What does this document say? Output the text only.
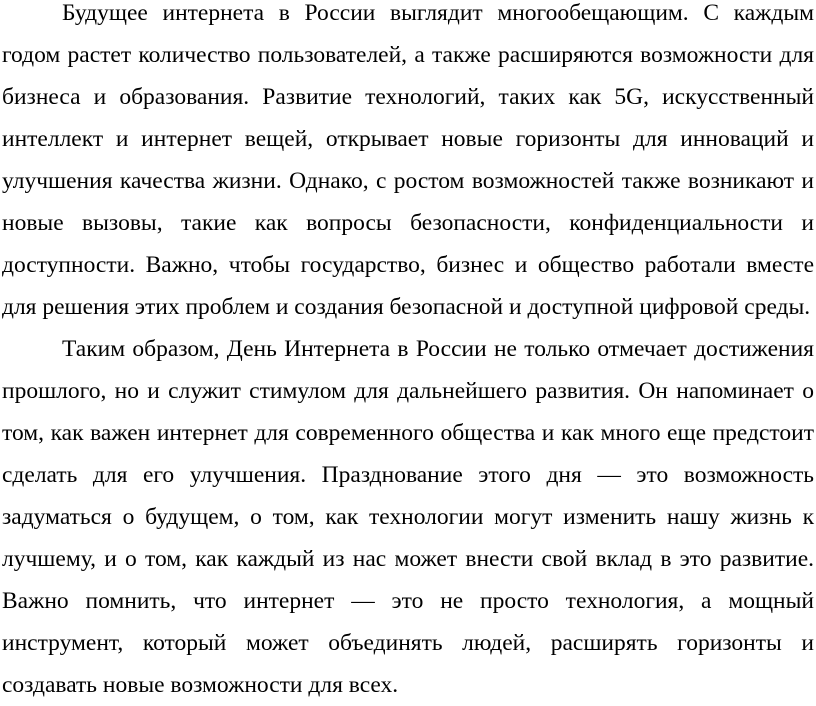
Будущее интернета в России выглядит многообещающим. С каждым годом растет количество пользователей, а также расширяются возможности для бизнеса и образования. Развитие технологий, таких как 5G, искусственный интеллект и интернет вещей, открывает новые горизонты для инноваций и улучшения качества жизни. Однако, с ростом возможностей также возникают и новые вызовы, такие как вопросы безопасности, конфиденциальности и доступности. Важно, чтобы государство, бизнес и общество работали вместе для решения этих проблем и создания безопасной и доступной цифровой среды.

Таким образом, День Интернета в России не только отмечает достижения прошлого, но и служит стимулом для дальнейшего развития. Он напоминает о том, как важен интернет для современного общества и как много еще предстоит сделать для его улучшения. Празднование этого дня — это возможность задуматься о будущем, о том, как технологии могут изменить нашу жизнь к лучшему, и о том, как каждый из нас может внести свой вклад в это развитие. Важно помнить, что интернет — это не просто технология, а мощный инструмент, который может объединять людей, расширять горизонты и создавать новые возможности для всех.
